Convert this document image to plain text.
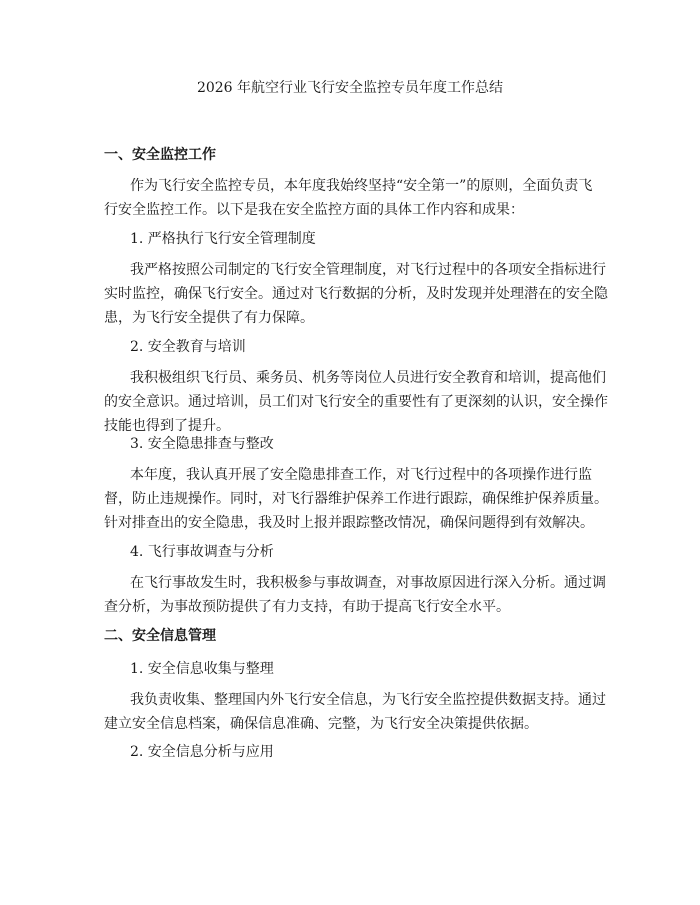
2026 年航空行业飞行安全监控专员年度工作总结
一、安全监控工作
作为飞行安全监控专员，本年度我始终坚持“安全第一”的原则，全面负责飞
行安全监控工作。以下是我在安全监控方面的具体工作内容和成果：
1. 严格执行飞行安全管理制度
我严格按照公司制定的飞行安全管理制度，对飞行过程中的各项安全指标进行
实时监控，确保飞行安全。通过对飞行数据的分析，及时发现并处理潜在的安全隐
患，为飞行安全提供了有力保障。
2. 安全教育与培训
我积极组织飞行员、乘务员、机务等岗位人员进行安全教育和培训，提高他们
的安全意识。通过培训，员工们对飞行安全的重要性有了更深刻的认识，安全操作
技能也得到了提升。
3. 安全隐患排查与整改
本年度，我认真开展了安全隐患排查工作，对飞行过程中的各项操作进行监
督，防止违规操作。同时，对飞行器维护保养工作进行跟踪，确保维护保养质量。
针对排查出的安全隐患，我及时上报并跟踪整改情况，确保问题得到有效解决。
4. 飞行事故调查与分析
在飞行事故发生时，我积极参与事故调查，对事故原因进行深入分析。通过调
查分析，为事故预防提供了有力支持，有助于提高飞行安全水平。
二、安全信息管理
1. 安全信息收集与整理
我负责收集、整理国内外飞行安全信息，为飞行安全监控提供数据支持。通过
建立安全信息档案，确保信息准确、完整，为飞行安全决策提供依据。
2. 安全信息分析与应用
